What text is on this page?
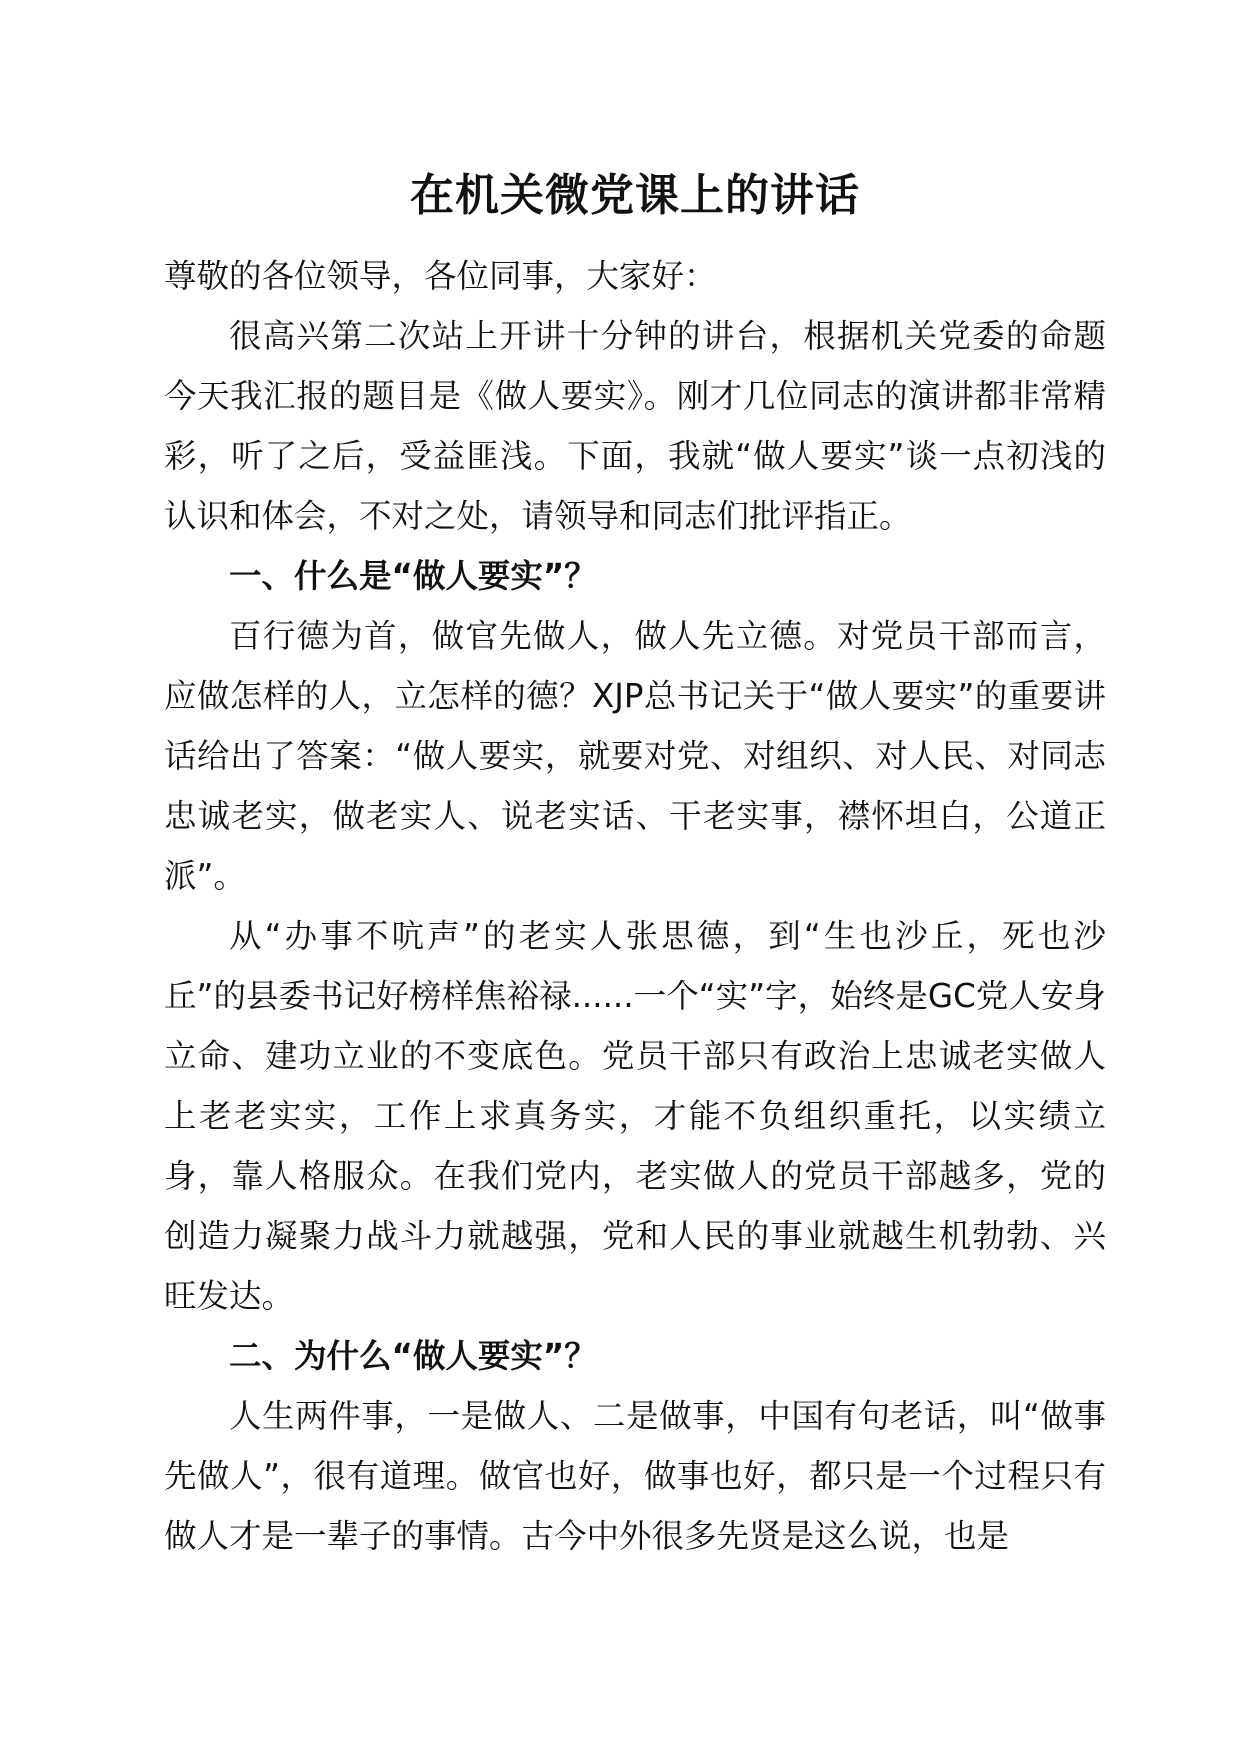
在机关微党课上的讲话

尊敬的各位领导，各位同事，大家好：

很高兴第二次站上开讲十分钟的讲台，根据机关党委的命题今天我汇报的题目是《做人要实》。刚才几位同志的演讲都非常精彩，听了之后，受益匪浅。下面，我就“做人要实”谈一点初浅的认识和体会，不对之处，请领导和同志们批评指正。

一、什么是“做人要实”？

百行德为首，做官先做人，做人先立德。对党员干部而言，应做怎样的人，立怎样的德？XJP总书记关于“做人要实”的重要讲话给出了答案：“做人要实，就要对党、对组织、对人民、对同志忠诚老实，做老实人、说老实话、干老实事，襟怀坦白，公道正派”。

从“办事不吭声”的老实人张思德，到“生也沙丘，死也沙丘”的县委书记好榜样焦裕禄......一个“实”字，始终是GC党人安身立命、建功立业的不变底色。党员干部只有政治上忠诚老实做人上老老实实，工作上求真务实，才能不负组织重托，以实绩立身，靠人格服众。在我们党内，老实做人的党员干部越多，党的创造力凝聚力战斗力就越强，党和人民的事业就越生机勃勃、兴旺发达。

二、为什么“做人要实”？

人生两件事，一是做人、二是做事，中国有句老话，叫“做事先做人”，很有道理。做官也好，做事也好，都只是一个过程只有做人才是一辈子的事情。古今中外很多先贤是这么说，也是
